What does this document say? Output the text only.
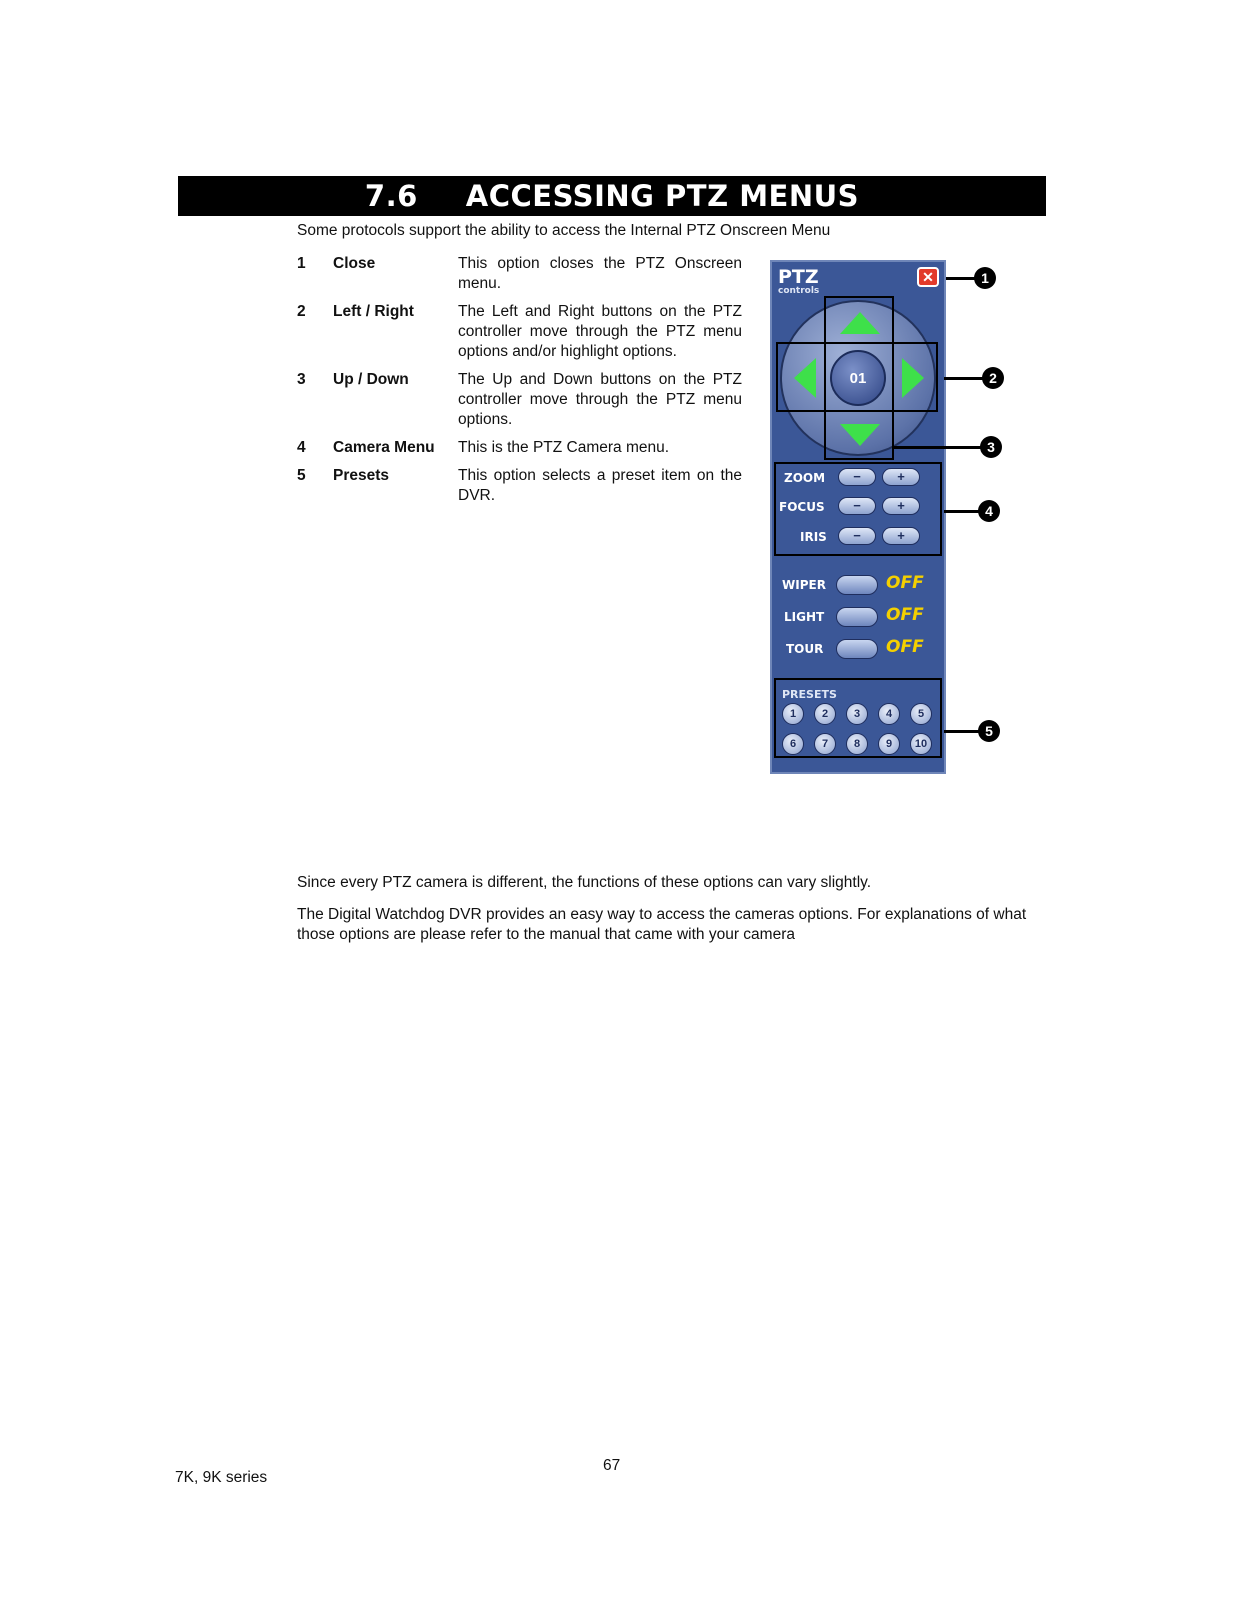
7.6 ACCESSING PTZ MENUS
Some protocols support the ability to access the Internal PTZ Onscreen Menu
1	Close	This option closes the PTZ Onscreen menu.
2	Left / Right	The Left and Right buttons on the PTZ controller move through the PTZ menu options and/or highlight options.
3	Up / Down	The Up and Down buttons on the PTZ controller move through the PTZ menu options.
4	Camera Menu	This is the PTZ Camera menu.
5	Presets	This option selects a preset item on the DVR.
PTZ
controls
✕
01
ZOOM	−	+
FOCUS	−	+
IRIS	−	+
WIPER	OFF
LIGHT	OFF
TOUR	OFF
PRESETS
1	2	3	4	5
6	7	8	9	10
1
2
3
4
5
Since every PTZ camera is different, the functions of these options can vary slightly.
The Digital Watchdog DVR provides an easy way to access the cameras options. For explanations of what those options are please refer to the manual that came with your camera
7K, 9K series
67
